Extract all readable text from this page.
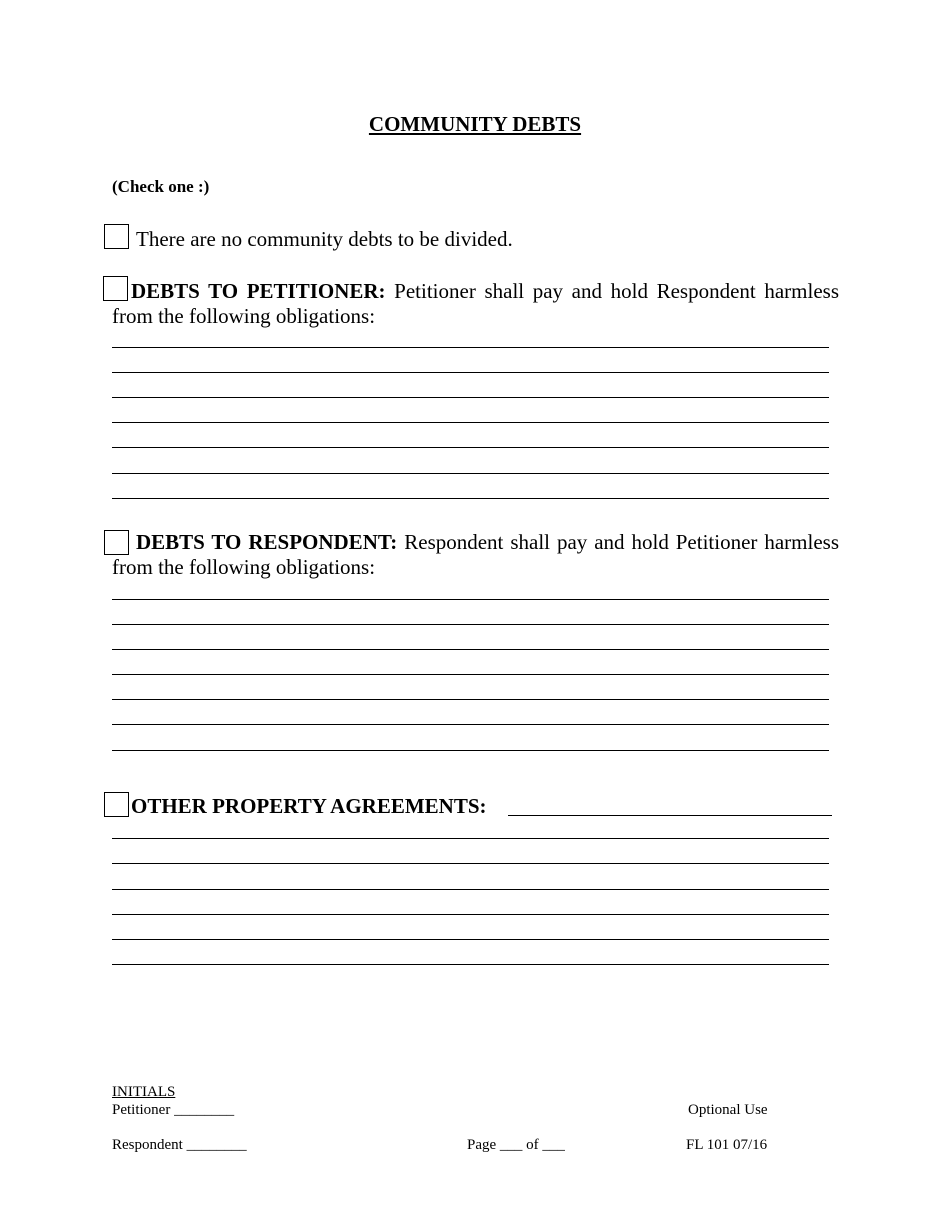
COMMUNITY DEBTS
(Check one :)
There are no community debts to be divided.
DEBTS TO PETITIONER: Petitioner shall pay and hold Respondent harmless from the following obligations:
DEBTS TO RESPONDENT: Respondent shall pay and hold Petitioner harmless from the following obligations:
OTHER PROPERTY AGREEMENTS:
INITIALS
Petitioner ________
Respondent ________	Page ___ of ___
Optional Use
FL 101 07/16
